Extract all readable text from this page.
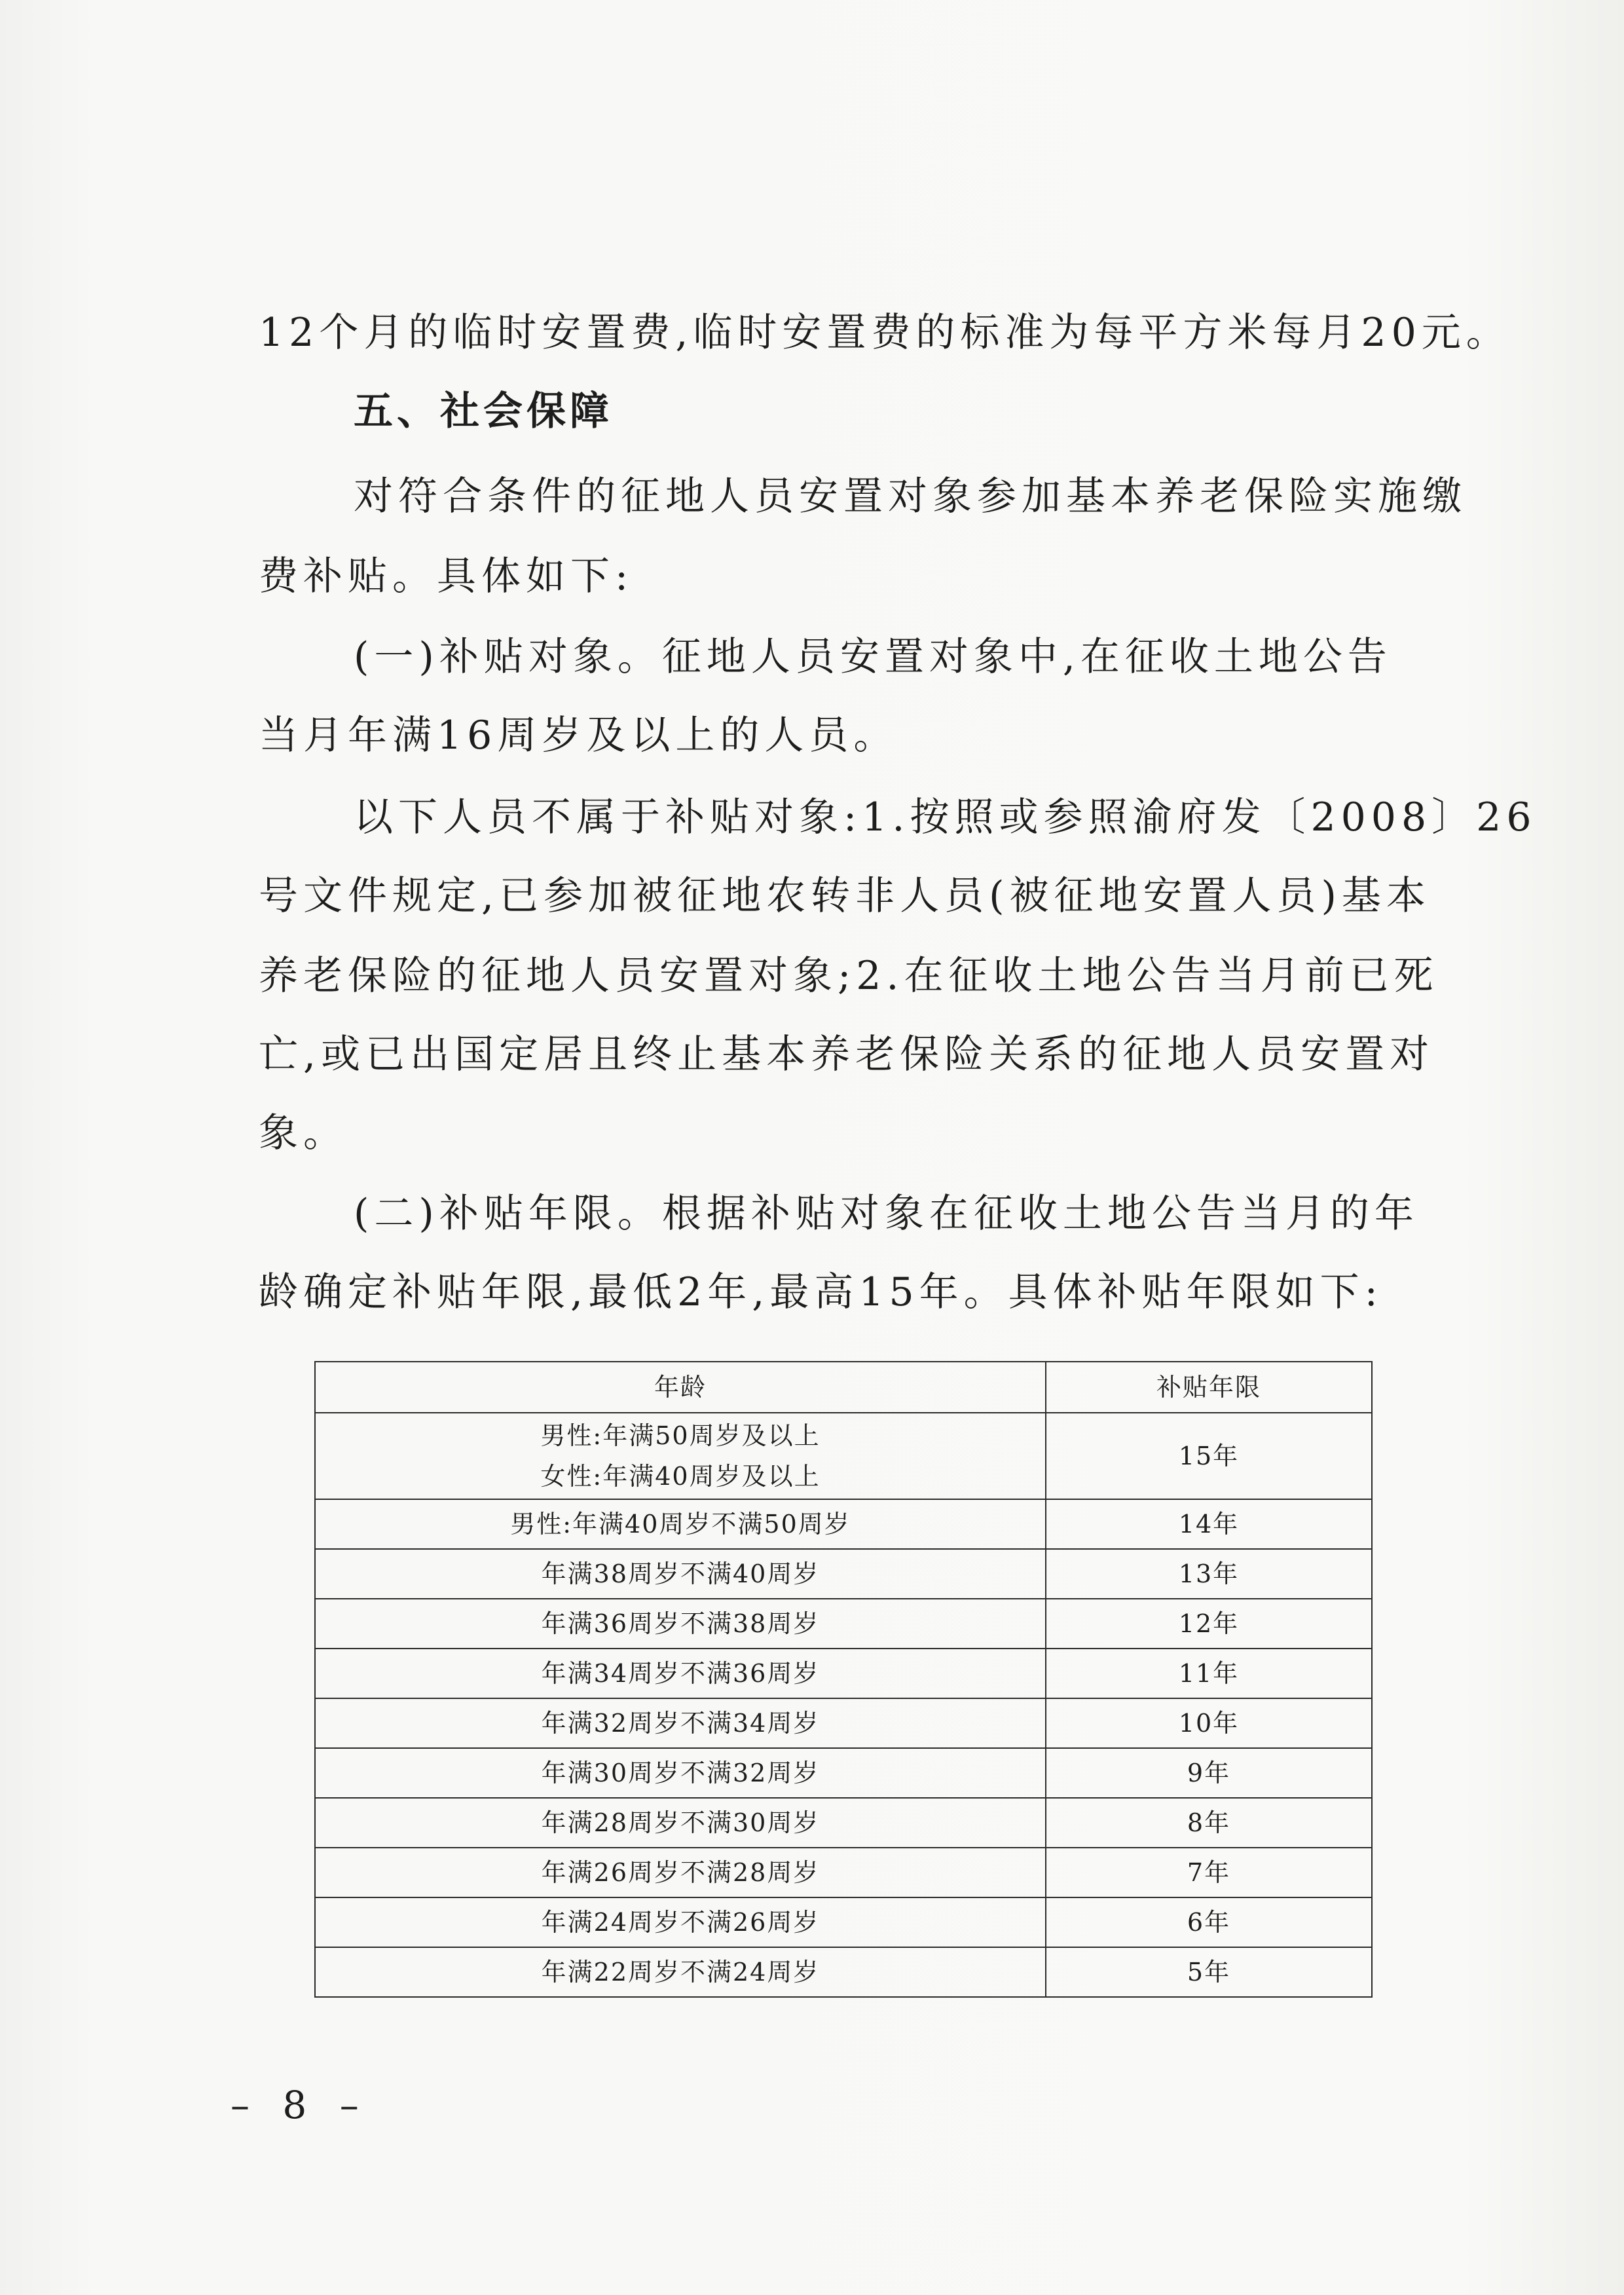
12个月的临时安置费,临时安置费的标准为每平方米每月20元。
五、社会保障
对符合条件的征地人员安置对象参加基本养老保险实施缴
费补贴。具体如下:
(一)补贴对象。征地人员安置对象中,在征收土地公告
当月年满16周岁及以上的人员。
以下人员不属于补贴对象:1.按照或参照渝府发〔2008〕26
号文件规定,已参加被征地农转非人员(被征地安置人员)基本
养老保险的征地人员安置对象;2.在征收土地公告当月前已死
亡,或已出国定居且终止基本养老保险关系的征地人员安置对
象。
(二)补贴年限。根据补贴对象在征收土地公告当月的年
龄确定补贴年限,最低2年,最高15年。具体补贴年限如下:
年龄	补贴年限

男性:年满50周岁及以上
女性:年满40周岁及以上	15年
男性:年满40周岁不满50周岁	14年
年满38周岁不满40周岁	13年
年满36周岁不满38周岁	12年
年满34周岁不满36周岁	11年
年满32周岁不满34周岁	10年
年满30周岁不满32周岁	9年
年满28周岁不满30周岁	8年
年满26周岁不满28周岁	7年
年满24周岁不满26周岁	6年
年满22周岁不满24周岁	5年
– 8 –
